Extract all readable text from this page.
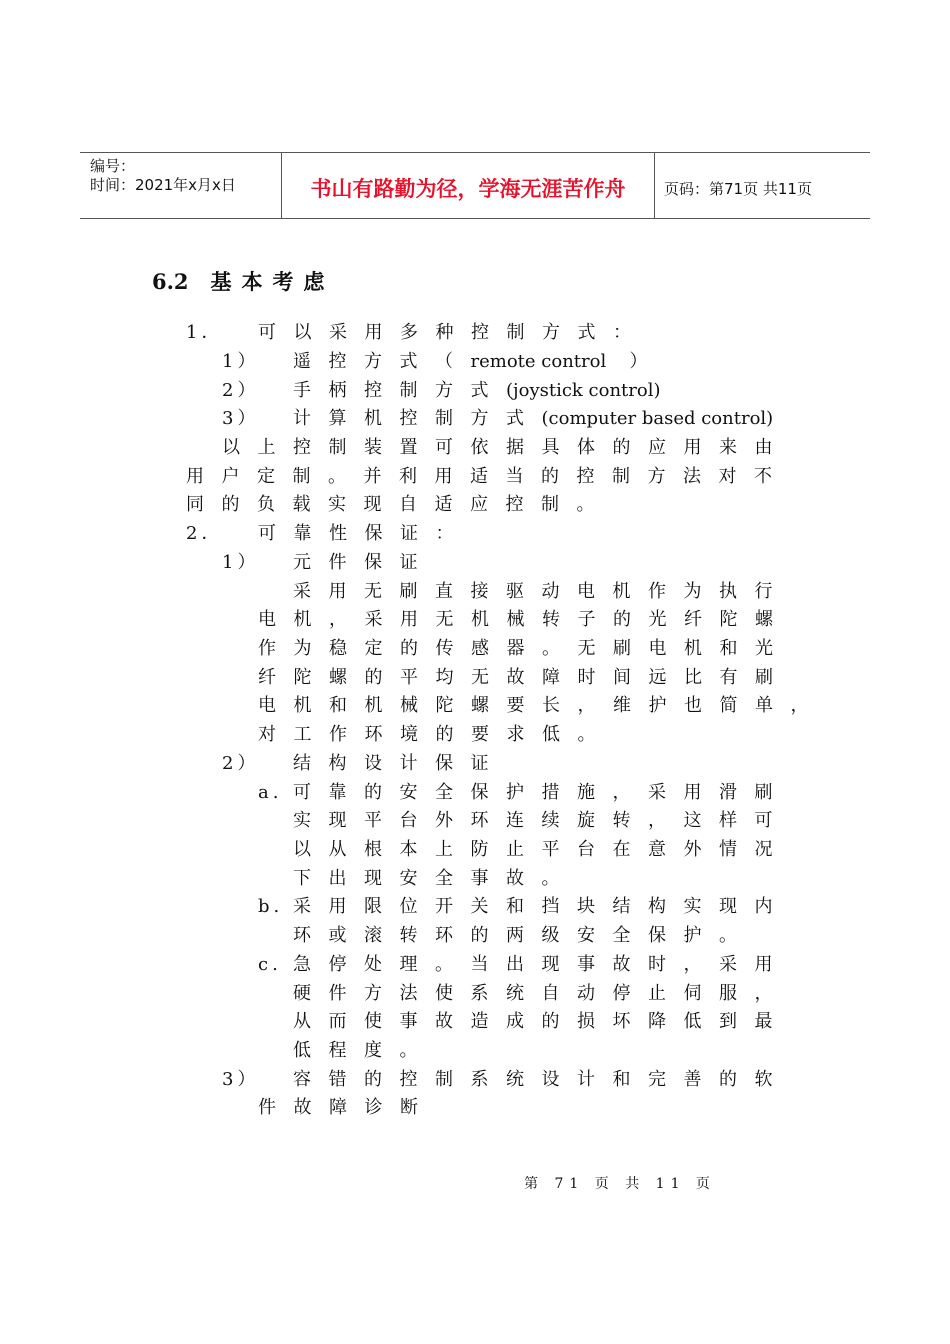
编号：
时间：2021年x月x日	书山有路勤为径，学海无涯苦作舟	页码：第71页 共11页
6.2 基本考虑
1． 可以采用多种控制方式：
1） 遥控方式（remote control ）
2） 手柄控制方式(joystick control)
3） 计算机控制方式(computer based control)
以上控制装置可依据具体的应用来由
用户定制。并利用适当的控制方法对不
同的负载实现自适应控制。
2． 可靠性保证：
1） 元件保证
采用无刷直接驱动电机作为执行
电机，采用无机械转子的光纤陀螺
作为稳定的传感器。无刷电机和光
纤陀螺的平均无故障时间远比有刷
电机和机械陀螺要长，维护也简单，
对工作环境的要求低。
2） 结构设计保证
a. 可靠的安全保护措施，采用滑刷
实现平台外环连续旋转，这样可
以从根本上防止平台在意外情况
下出现安全事故。
b. 采用限位开关和挡块结构实现内
环或滚转环的两级安全保护。
c. 急停处理。当出现事故时，采用
硬件方法使系统自动停止伺服，
从而使事故造成的损坏降低到最
低程度。
3） 容错的控制系统设计和完善的软
件故障诊断
第 71 页 共 11 页
